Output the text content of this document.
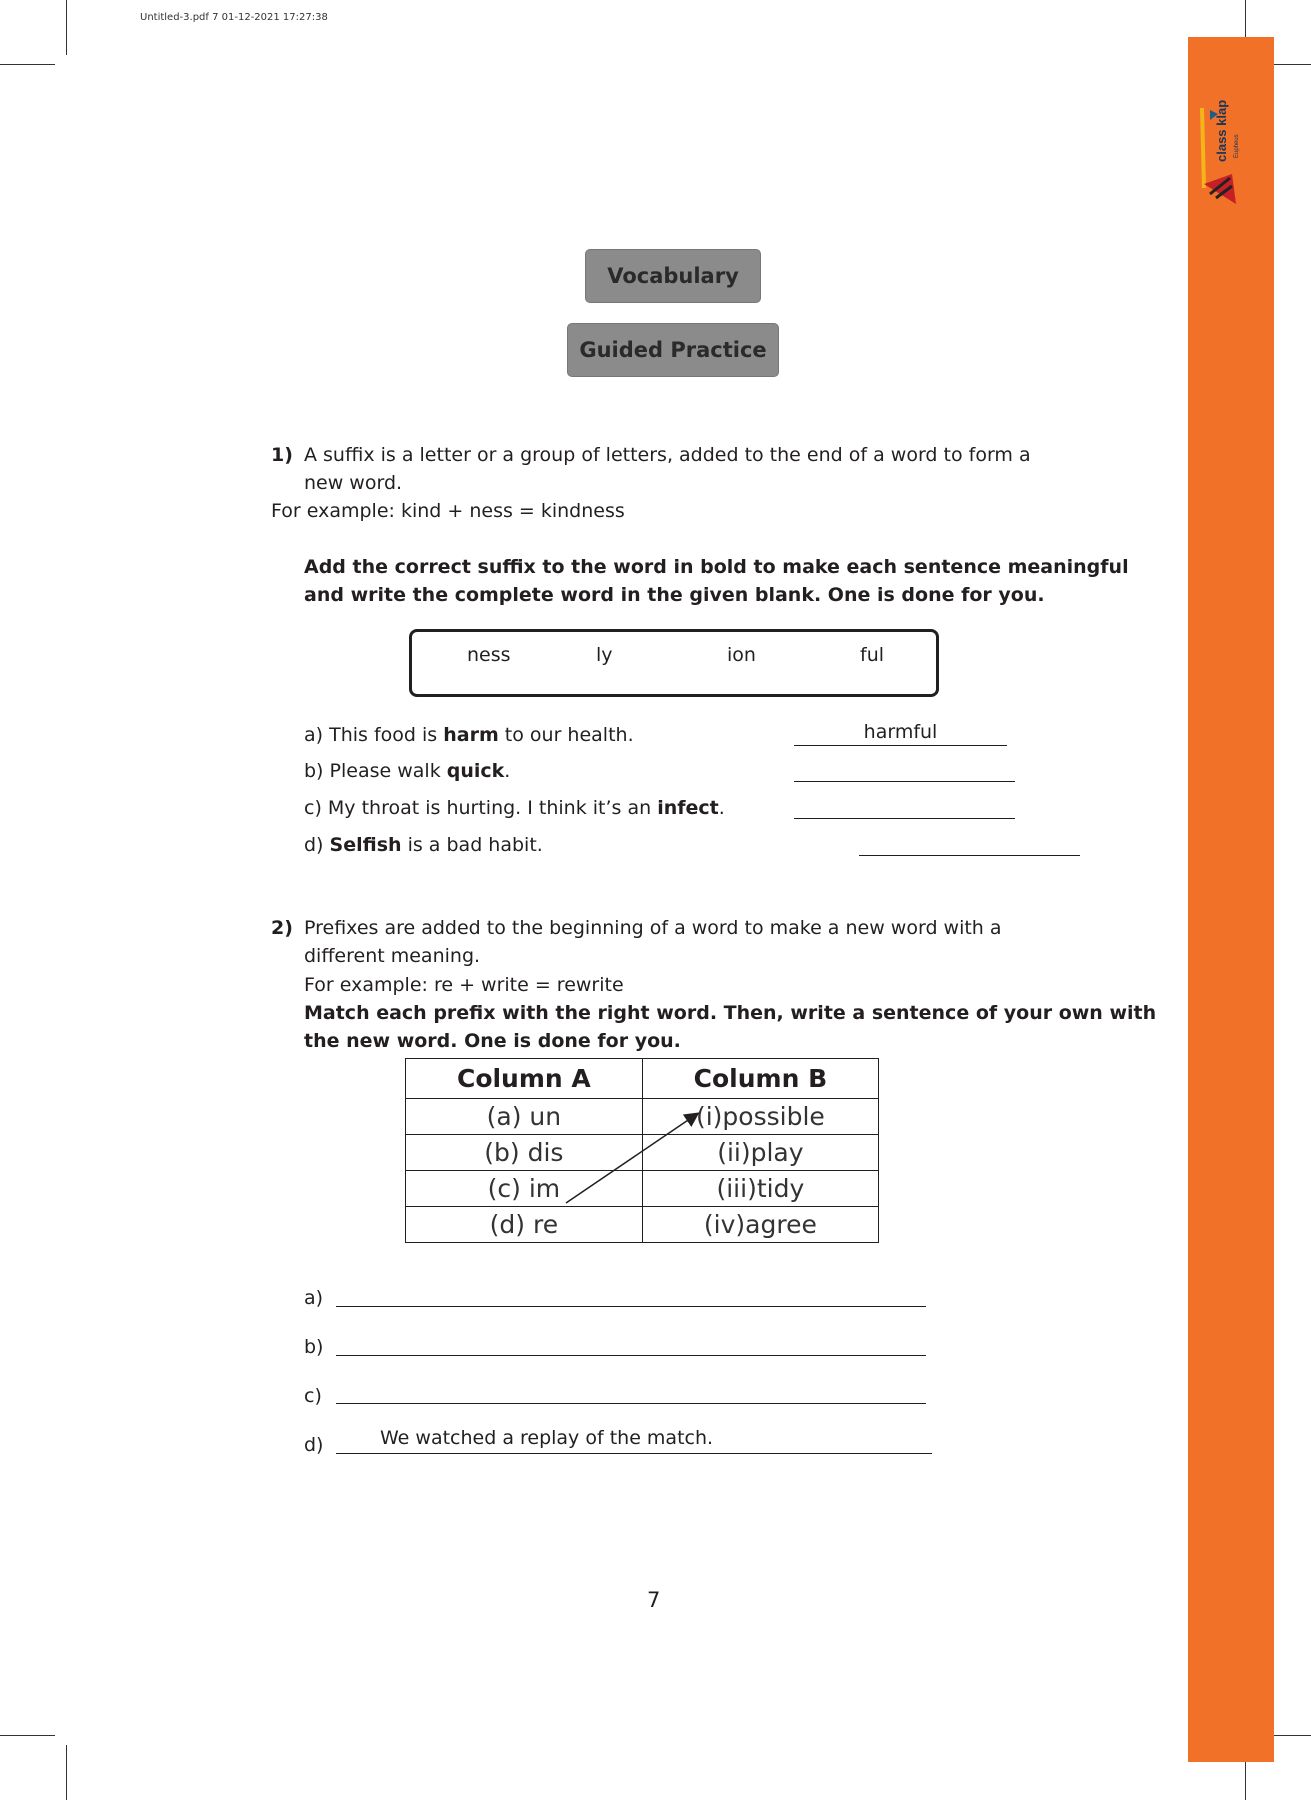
Untitled-3.pdf 7 01-12-2021 17:27:38
class klap Eupheus
Vocabulary
Guided Practice
1) A suffix is a letter or a group of letters, added to the end of a word to form a
new word.
For example: kind + ness = kindness
Add the correct suffix to the word in bold to make each sentence meaningful
and write the complete word in the given blank. One is done for you.
ness	ly	ion	ful
a) This food is harm to our health.	harmful
b) Please walk quick.
c) My throat is hurting. I think it’s an infect.
d) Selfish is a bad habit.
2) Prefixes are added to the beginning of a word to make a new word with a
different meaning.
For example: re + write = rewrite
Match each prefix with the right word. Then, write a sentence of your own with
the new word. One is done for you.
Column A	Column B
(a) un	(i)possible
(b) dis	(ii)play
(c) im	(iii)tidy
(d) re	(iv)agree
a)
b)
c)
d)	We watched a replay of the match.
7
